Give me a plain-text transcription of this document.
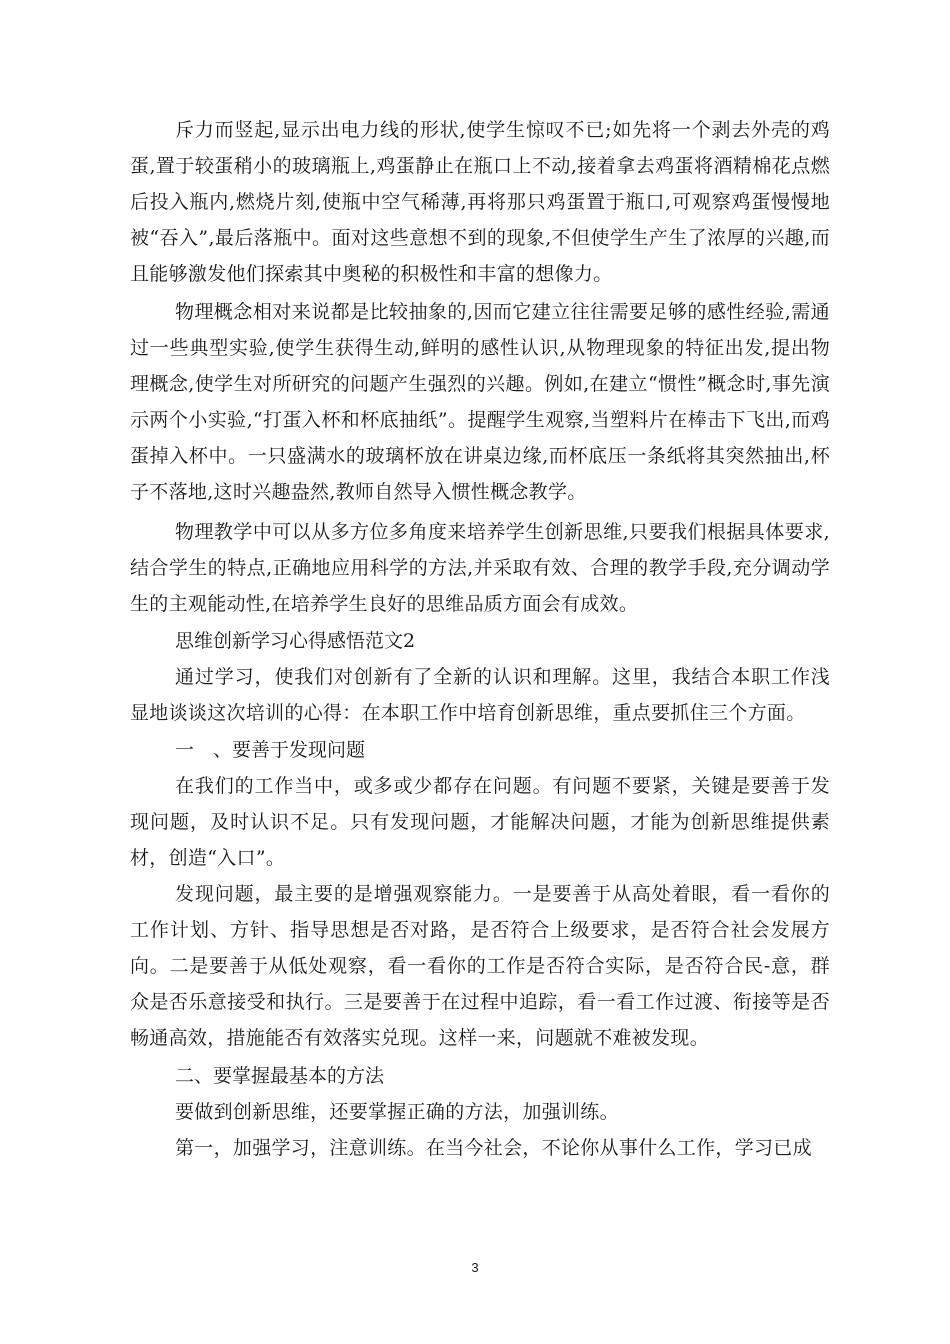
斥力而竖起,显示出电力线的形状,使学生惊叹不已;如先将一个剥去外壳的鸡蛋,置于较蛋稍小的玻璃瓶上,鸡蛋静止在瓶口上不动,接着拿去鸡蛋将酒精棉花点燃后投入瓶内,燃烧片刻,使瓶中空气稀薄,再将那只鸡蛋置于瓶口,可观察鸡蛋慢慢地被“吞入”,最后落瓶中。面对这些意想不到的现象,不但使学生产生了浓厚的兴趣,而且能够激发他们探索其中奥秘的积极性和丰富的想像力。

物理概念相对来说都是比较抽象的,因而它建立往往需要足够的感性经验,需通过一些典型实验,使学生获得生动,鲜明的感性认识,从物理现象的特征出发,提出物理概念,使学生对所研究的问题产生强烈的兴趣。例如,在建立“惯性”概念时,事先演示两个小实验,“打蛋入杯和杯底抽纸”。提醒学生观察,当塑料片在棒击下飞出,而鸡蛋掉入杯中。一只盛满水的玻璃杯放在讲桌边缘,而杯底压一条纸将其突然抽出,杯子不落地,这时兴趣盎然,教师自然导入惯性概念教学。

物理教学中可以从多方位多角度来培养学生创新思维,只要我们根据具体要求,结合学生的特点,正确地应用科学的方法,并采取有效、合理的教学手段,充分调动学生的主观能动性,在培养学生良好的思维品质方面会有成效。

思维创新学习心得感悟范文2

通过学习，使我们对创新有了全新的认识和理解。这里，我结合本职工作浅显地谈谈这次培训的心得：在本职工作中培育创新思维，重点要抓住三个方面。

一　、要善于发现问题

在我们的工作当中，或多或少都存在问题。有问题不要紧，关键是要善于发现问题，及时认识不足。只有发现问题，才能解决问题，才能为创新思维提供素材，创造“入口”。

发现问题，最主要的是增强观察能力。一是要善于从高处着眼，看一看你的工作计划、方针、指导思想是否对路，是否符合上级要求，是否符合社会发展方向。二是要善于从低处观察，看一看你的工作是否符合实际，是否符合民-意，群众是否乐意接受和执行。三是要善于在过程中追踪，看一看工作过渡、衔接等是否畅通高效，措施能否有效落实兑现。这样一来，问题就不难被发现。

二、要掌握最基本的方法

要做到创新思维，还要掌握正确的方法，加强训练。

第一，加强学习，注意训练。在当今社会，不论你从事什么工作，学习已成

3
